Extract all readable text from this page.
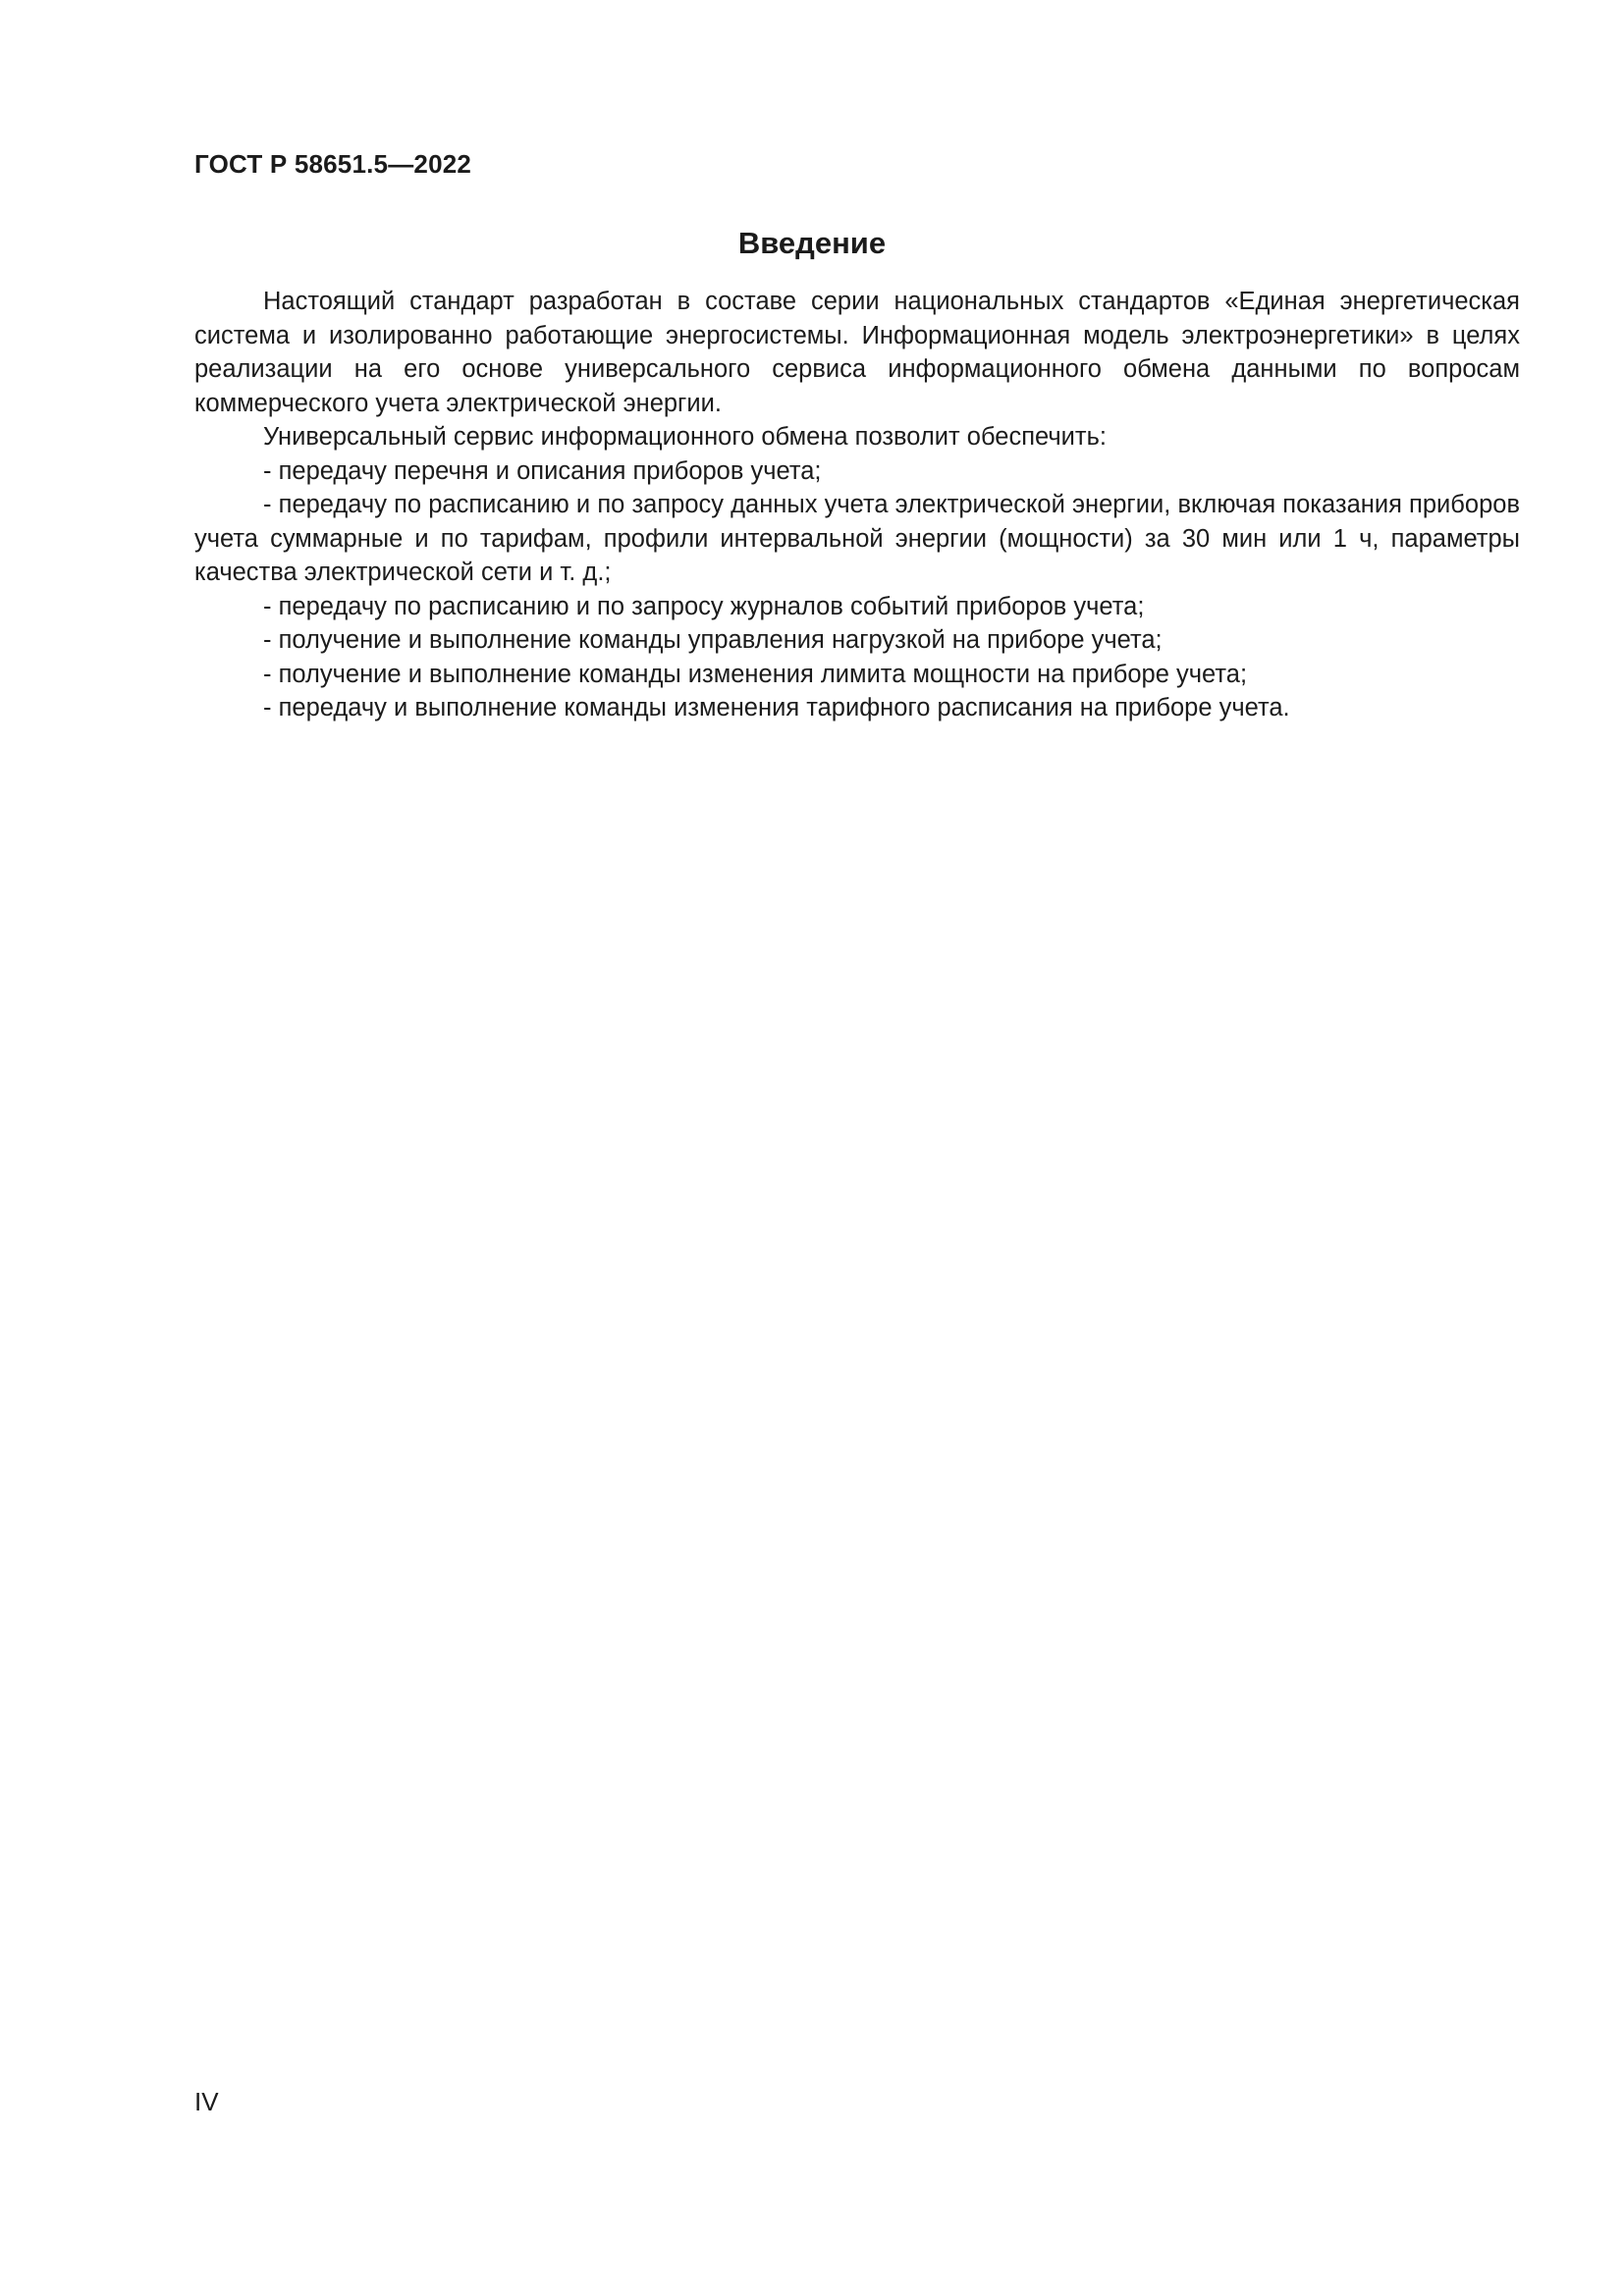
ГОСТ Р 58651.5—2022
Введение

Настоящий стандарт разработан в составе серии национальных стандартов «Единая энергетическая система и изолированно работающие энергосистемы. Информационная модель электроэнергетики» в целях реализации на его основе универсального сервиса информационного обмена данными по вопросам коммерческого учета электрической энергии.

Универсальный сервис информационного обмена позволит обеспечить:

- передачу перечня и описания приборов учета;

- передачу по расписанию и по запросу данных учета электрической энергии, включая показания приборов учета суммарные и по тарифам, профили интервальной энергии (мощности) за 30 мин или 1 ч, параметры качества электрической сети и т. д.;

- передачу по расписанию и по запросу журналов событий приборов учета;

- получение и выполнение команды управления нагрузкой на приборе учета;

- получение и выполнение команды изменения лимита мощности на приборе учета;

- передачу и выполнение команды изменения тарифного расписания на приборе учета.

IV
